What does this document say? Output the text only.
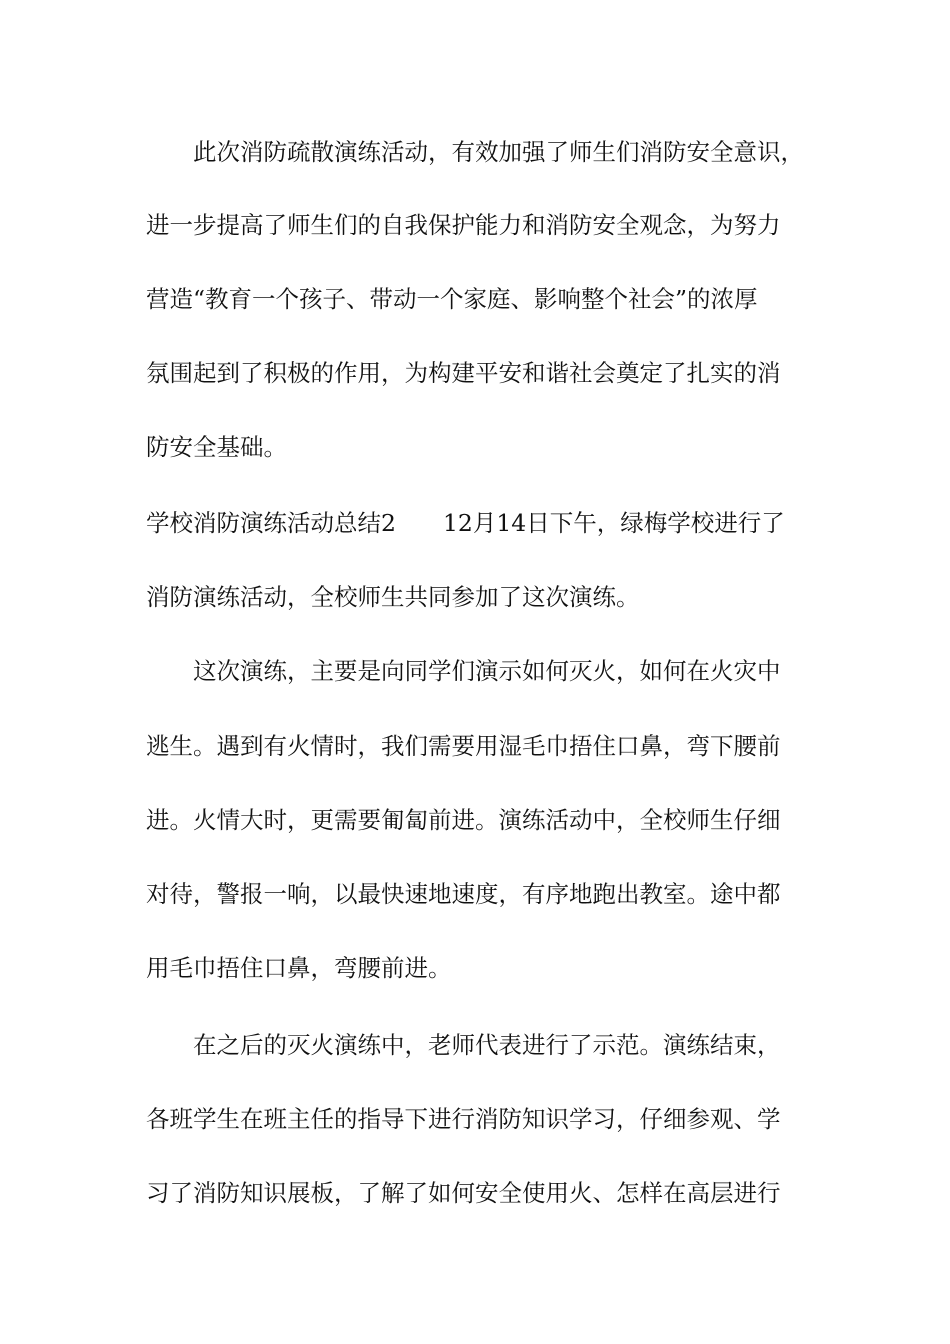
此次消防疏散演练活动，有效加强了师生们消防安全意识，
进一步提高了师生们的自我保护能力和消防安全观念，为努力
营造“教育一个孩子、带动一个家庭、影响整个社会”的浓厚
氛围起到了积极的作用，为构建平安和谐社会奠定了扎实的消
防安全基础。
学校消防演练活动总结2　　12月14日下午，绿梅学校进行了
消防演练活动，全校师生共同参加了这次演练。
这次演练，主要是向同学们演示如何灭火，如何在火灾中
逃生。遇到有火情时，我们需要用湿毛巾捂住口鼻，弯下腰前
进。火情大时，更需要匍匐前进。演练活动中，全校师生仔细
对待，警报一响，以最快速地速度，有序地跑出教室。途中都
用毛巾捂住口鼻，弯腰前进。
在之后的灭火演练中，老师代表进行了示范。演练结束，
各班学生在班主任的指导下进行消防知识学习，仔细参观、学
习了消防知识展板，了解了如何安全使用火、怎样在高层进行
